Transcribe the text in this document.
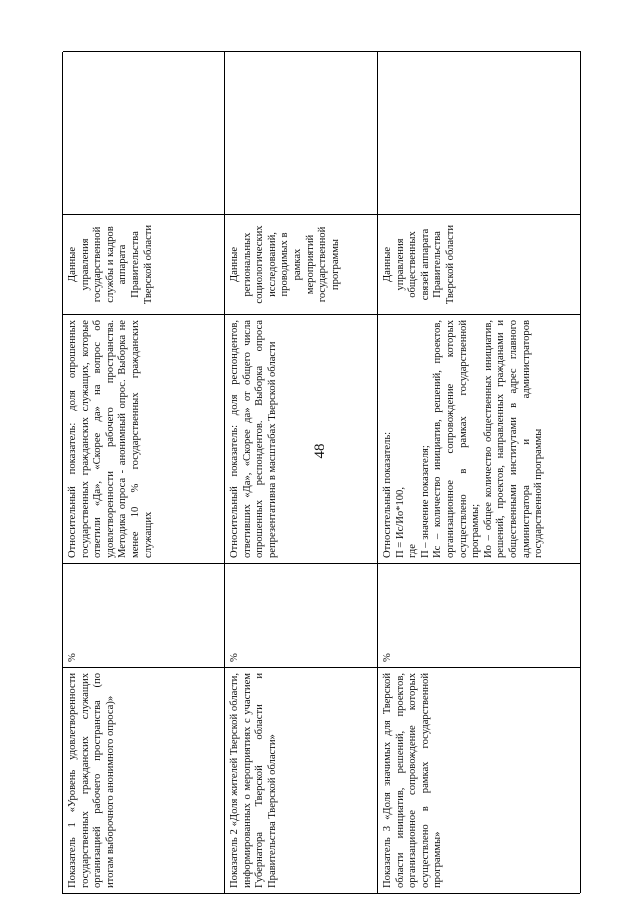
48
Показатель 1 «Уровень удовлетворенности государственных гражданских служащих организацией рабочего пространства (по итогам выборочного анонимного опроса)»
%
Относительный показатель: доля опрошенных государственных гражданских служащих, которые ответили «Да», «Скорее да» на вопрос об удовлетворенности рабочего пространства. Методика опроса - анонимный опрос. Выборка не менее 10 % государственных гражданских служащих
Данные управления государственной службы и кадров аппарата Правительства Тверской области
Показатель 2 «Доля жителей Тверской области, информированных о мероприятиях с участием Губернатора Тверской области и Правительства Тверской области»
%
Относительный показатель: доля респондентов, ответивших «Да», «Скорее да» от общего числа опрошенных респондентов. Выборка опроса репрезентативна в масштабах Тверской области
Данные региональных социологических исследований, проводимых в рамках мероприятий государственной программы
Показатель 3 «Доля значимых для Тверской области инициатив, решений, проектов, организационное сопровождение которых осуществлено в рамках государственной программы»
%
Относительный показатель: П = Ис/Ио*100, где П – значение показателя; Ис – количество инициатив, решений, проектов, организационное сопровождение которых осуществлено в рамках государственной программы; Ио – общее количество общественных инициатив, решений, проектов, направленных гражданами и общественными институтами в адрес главного администратора и администраторов государственной программы
Данные управления общественных связей аппарата Правительства Тверской области
